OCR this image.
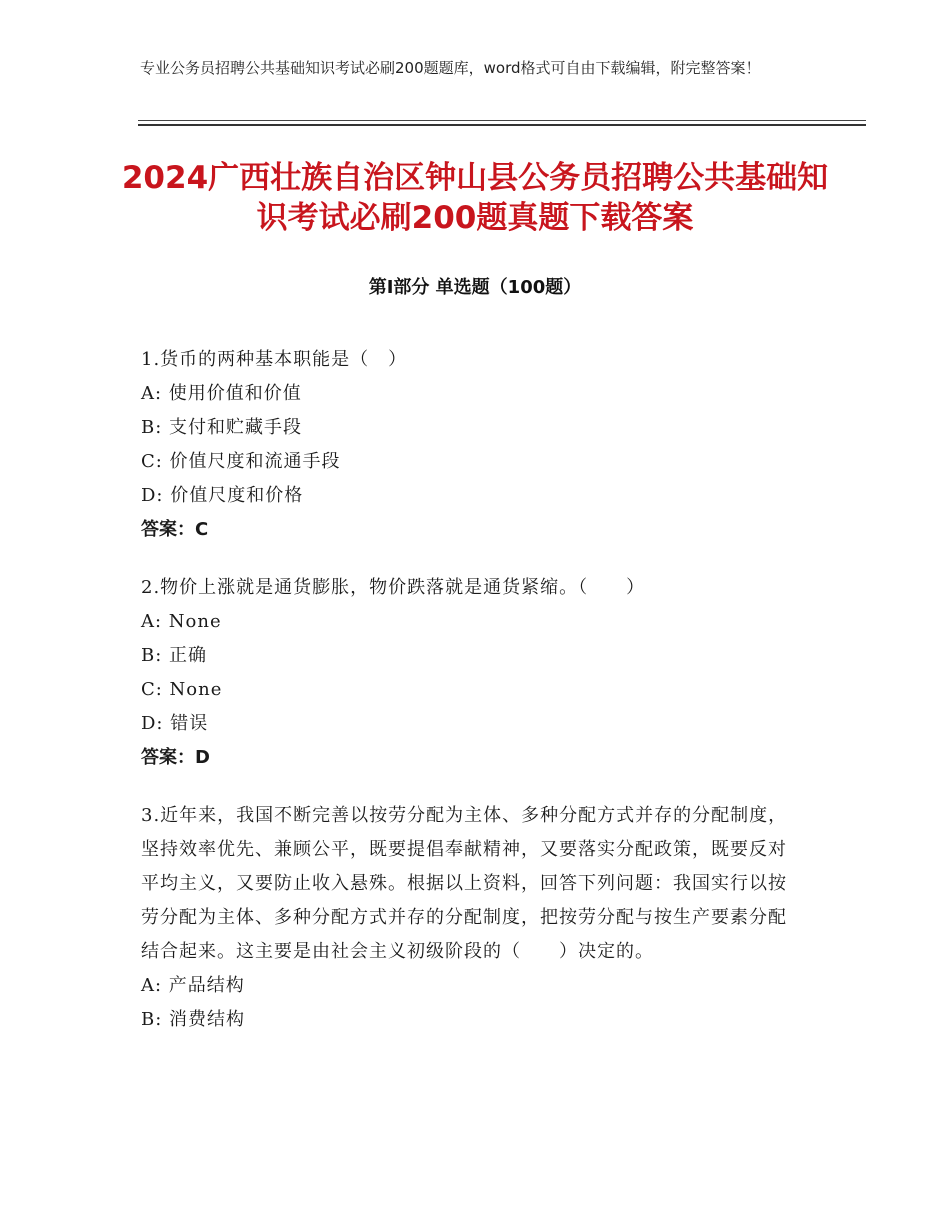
专业公务员招聘公共基础知识考试必刷200题题库，word格式可自由下载编辑，附完整答案！
2024广西壮族自治区钟山县公务员招聘公共基础知识考试必刷200题真题下载答案
第Ⅰ部分 单选题（100题）

1.货币的两种基本职能是（　）

A: 使用价值和价值

B: 支付和贮藏手段

C: 价值尺度和流通手段

D: 价值尺度和价格

答案：C

2.物价上涨就是通货膨胀，物价跌落就是通货紧缩。（　　）

A: None

B: 正确

C: None

D: 错误

答案：D

3.近年来，我国不断完善以按劳分配为主体、多种分配方式并存的分配制度，坚持效率优先、兼顾公平，既要提倡奉献精神，又要落实分配政策，既要反对平均主义，又要防止收入悬殊。根据以上资料，回答下列问题：我国实行以按劳分配为主体、多种分配方式并存的分配制度，把按劳分配与按生产要素分配结合起来。这主要是由社会主义初级阶段的（　　）决定的。

A: 产品结构

B: 消费结构
